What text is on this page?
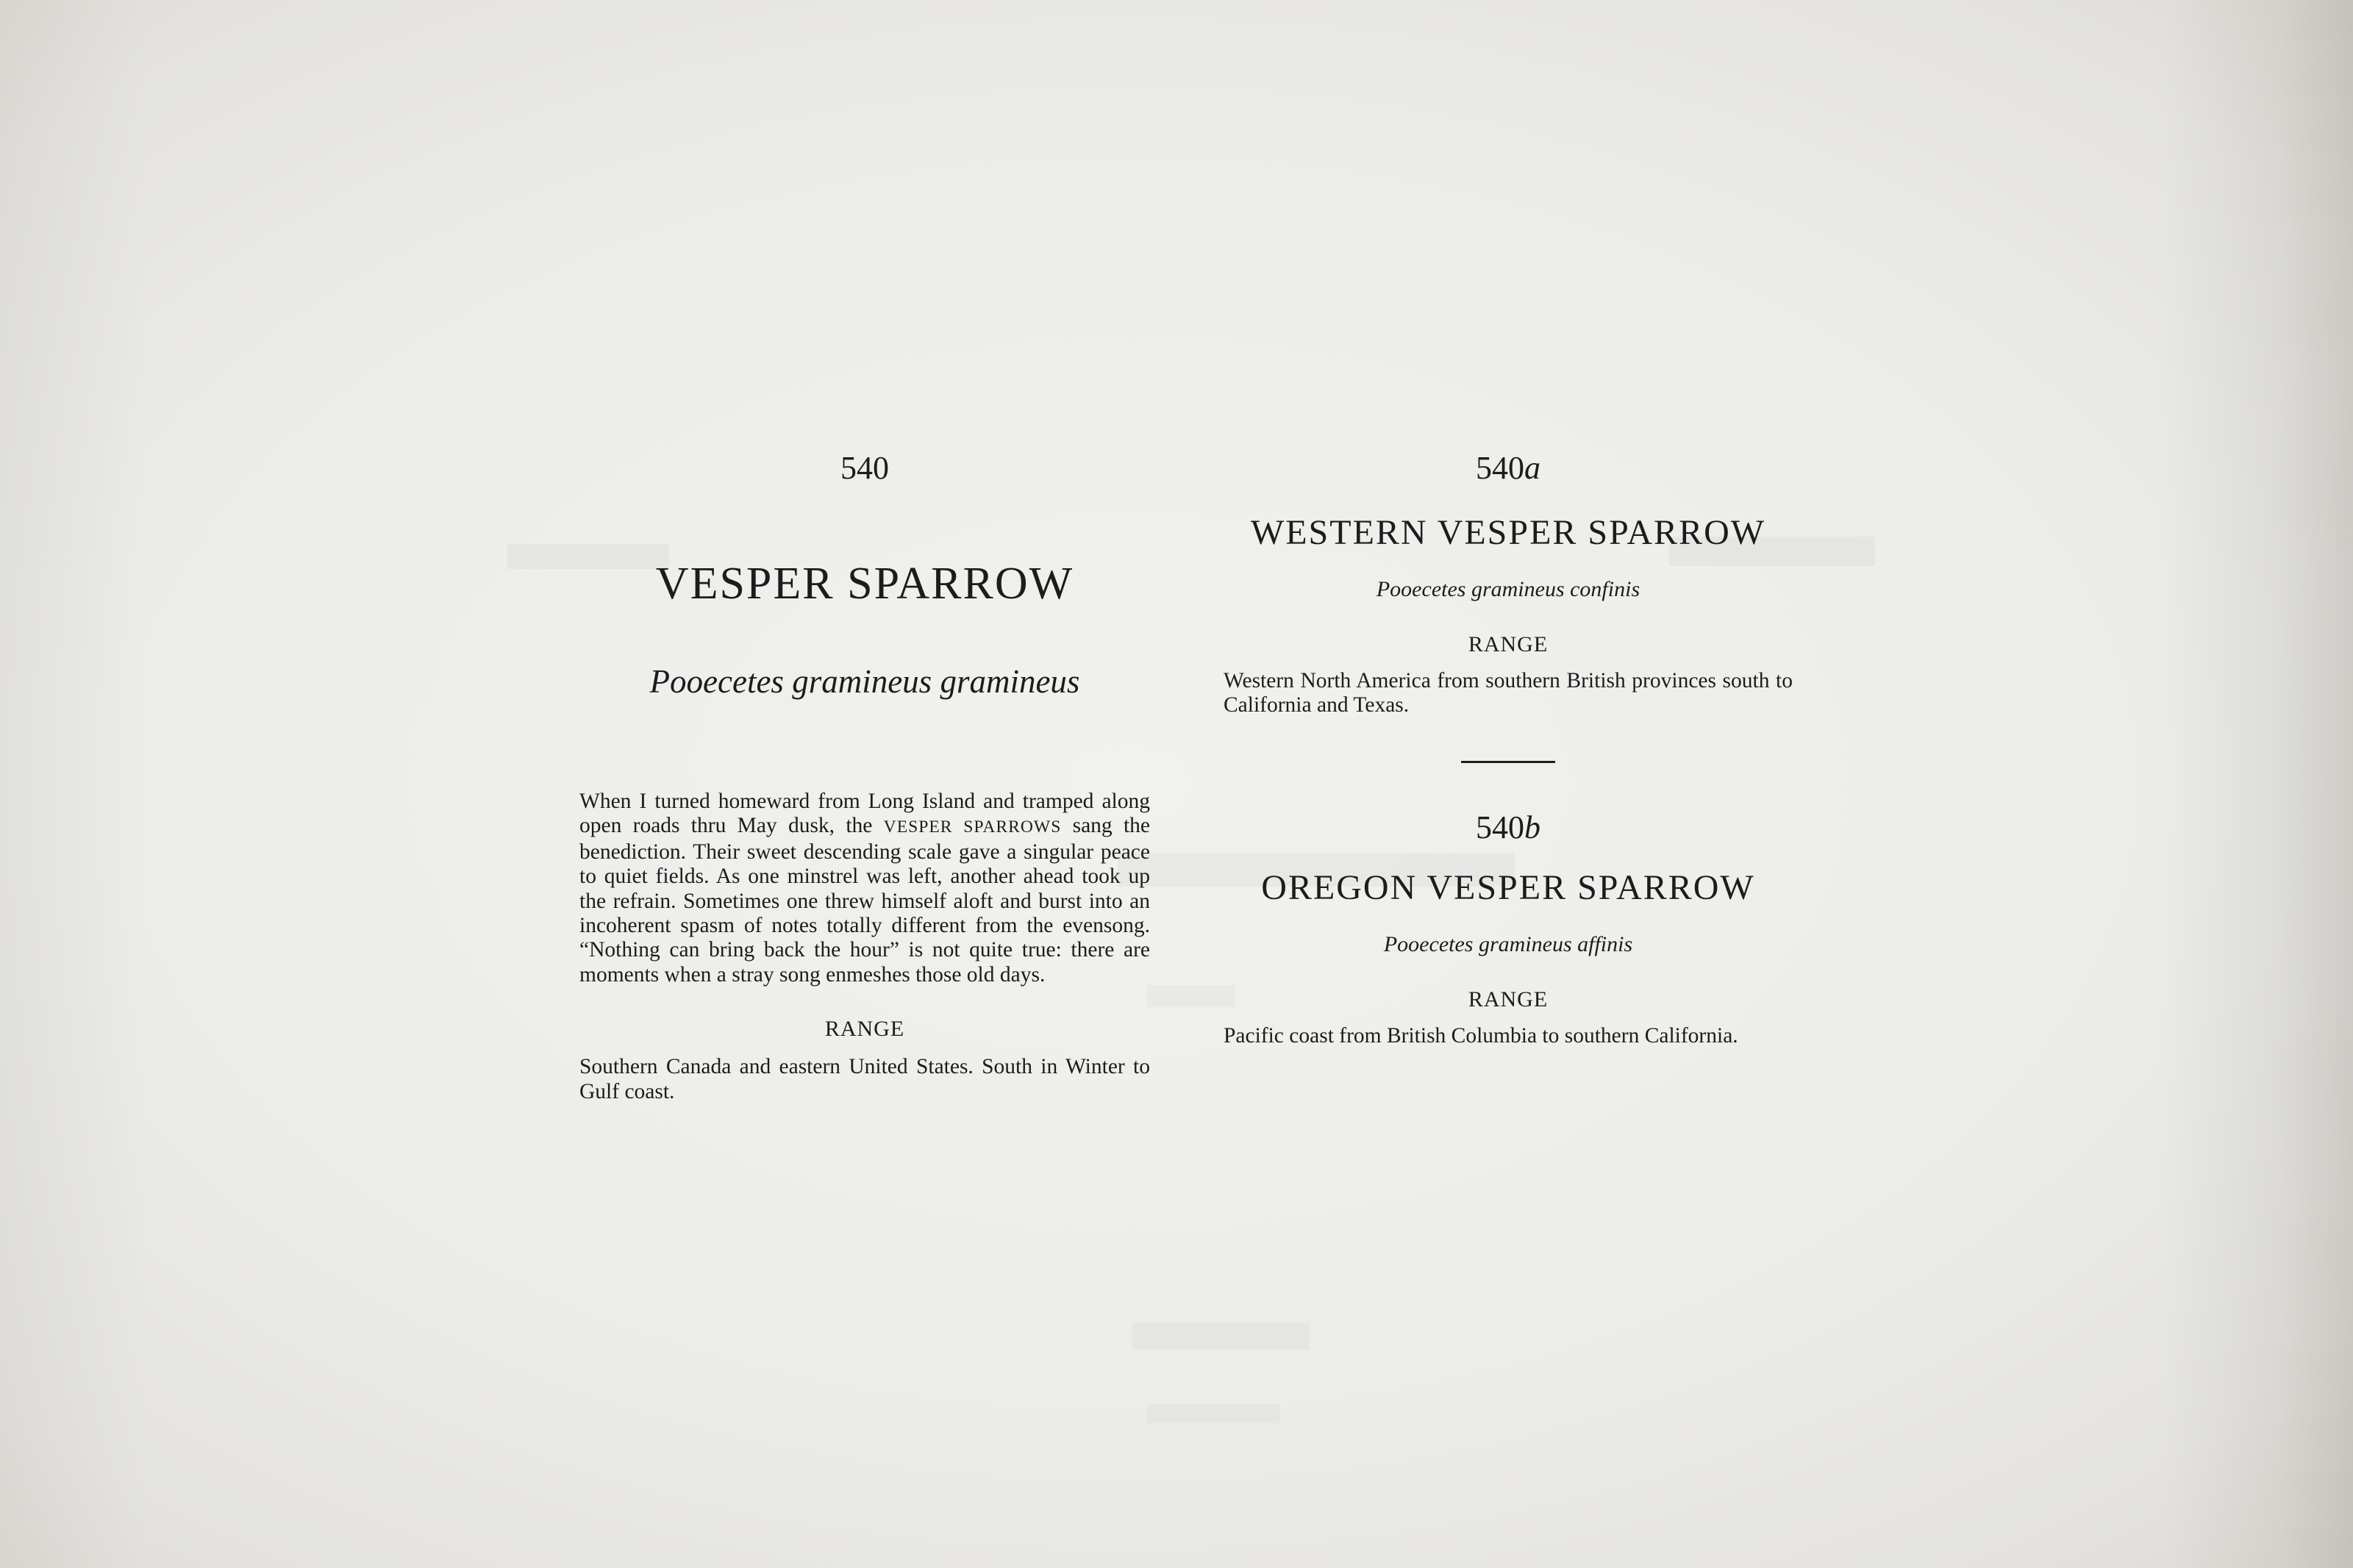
540
VESPER SPARROW
Pooecetes gramineus gramineus

When I turned homeward from Long Island and tramped along open roads thru May dusk, the VESPER SPARROWS sang the benediction. Their sweet descending scale gave a singular peace to quiet fields. As one minstrel was left, another ahead took up the refrain. Sometimes one threw himself aloft and burst into an incoherent spasm of notes totally different from the evensong. “Nothing can bring back the hour” is not quite true: there are moments when a stray song enmeshes those old days.

RANGE

Southern Canada and eastern United States. South in Winter to Gulf coast.

540a
WESTERN VESPER SPARROW
Pooecetes gramineus confinis
RANGE

Western North America from southern British provinces south to California and Texas.

540b
OREGON VESPER SPARROW
Pooecetes gramineus affinis
RANGE

Pacific coast from British Columbia to southern California.
